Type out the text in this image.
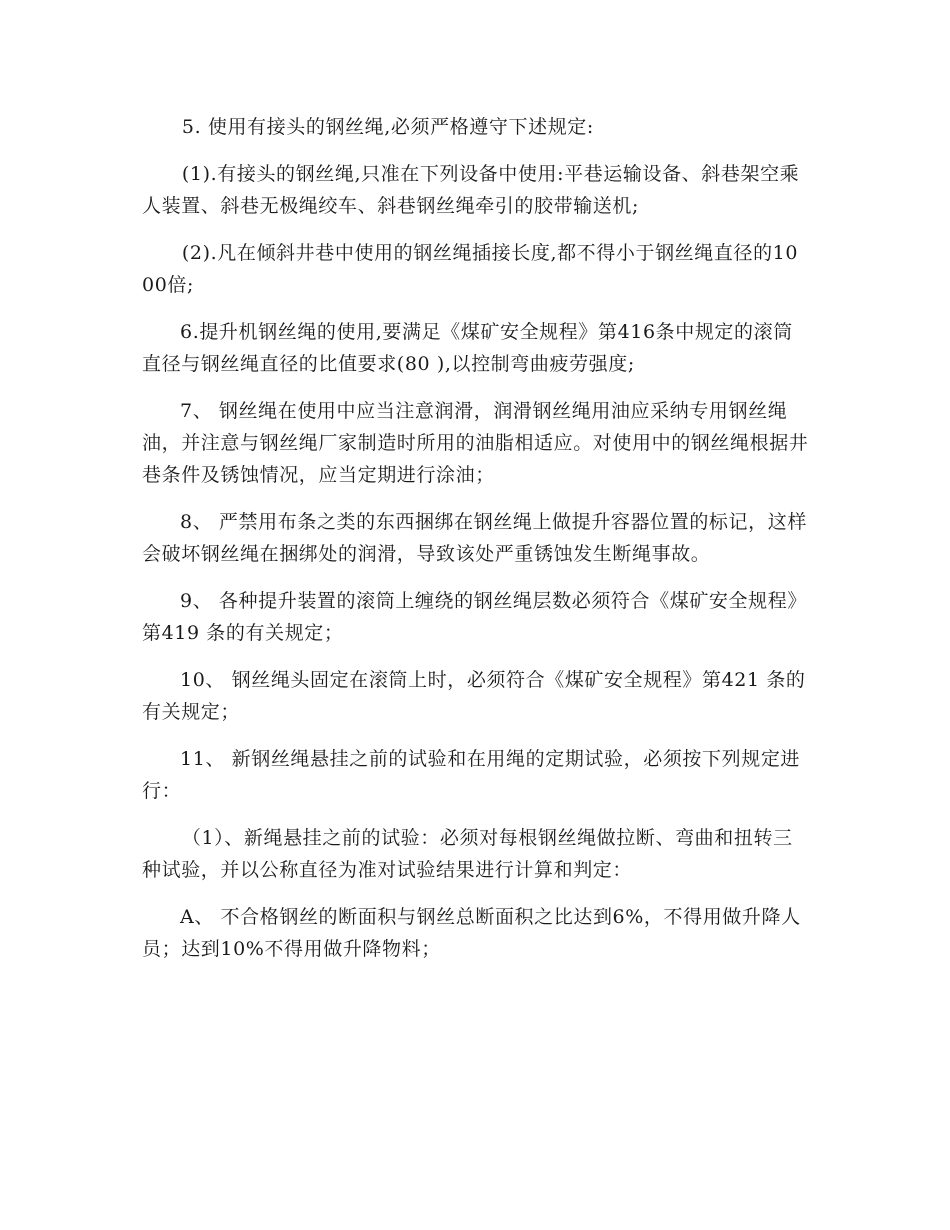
5. 使用有接头的钢丝绳,必须严格遵守下述规定:

(1).有接头的钢丝绳,只准在下列设备中使用:平巷运输设备、斜巷架空乘人装置、斜巷无极绳绞车、斜巷钢丝绳牵引的胶带输送机;

(2).凡在倾斜井巷中使用的钢丝绳插接长度,都不得小于钢丝绳直径的1000倍;

6.提升机钢丝绳的使用,要满足《煤矿安全规程》第416条中规定的滚筒直径与钢丝绳直径的比值要求(80 ),以控制弯曲疲劳强度;

7、 钢丝绳在使用中应当注意润滑，润滑钢丝绳用油应采纳专用钢丝绳油，并注意与钢丝绳厂家制造时所用的油脂相适应。对使用中的钢丝绳根据井巷条件及锈蚀情况，应当定期进行涂油；

8、 严禁用布条之类的东西捆绑在钢丝绳上做提升容器位置的标记，这样会破坏钢丝绳在捆绑处的润滑，导致该处严重锈蚀发生断绳事故。

9、 各种提升装置的滚筒上缠绕的钢丝绳层数必须符合《煤矿安全规程》第419 条的有关规定；

10、 钢丝绳头固定在滚筒上时，必须符合《煤矿安全规程》第421 条的有关规定；

11、 新钢丝绳悬挂之前的试验和在用绳的定期试验，必须按下列规定进行：

（1）、新绳悬挂之前的试验：必须对每根钢丝绳做拉断、弯曲和扭转三种试验，并以公称直径为准对试验结果进行计算和判定：

A、 不合格钢丝的断面积与钢丝总断面积之比达到6%，不得用做升降人员；达到10%不得用做升降物料；
